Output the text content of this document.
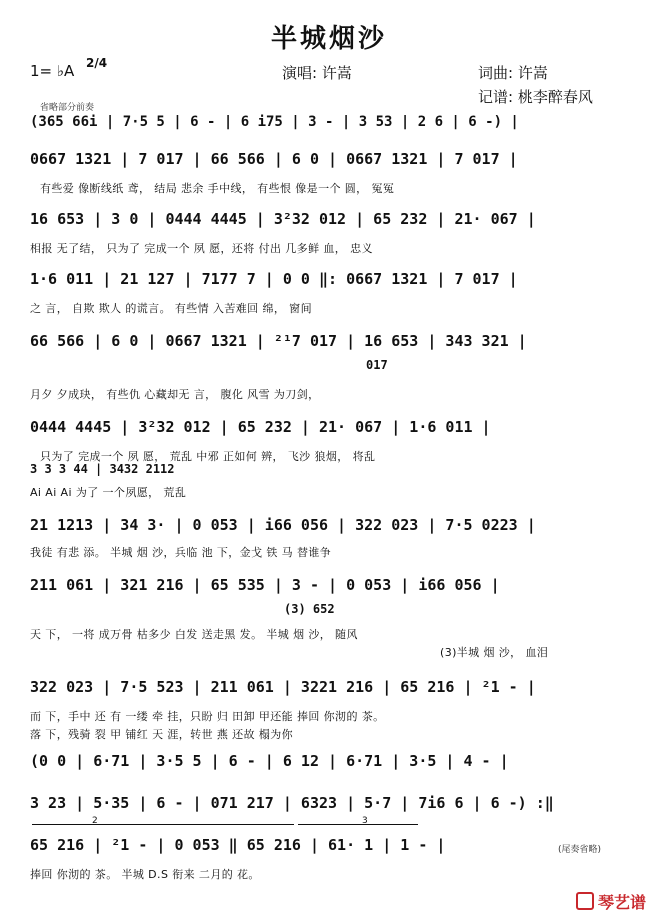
半城烟沙
1= ♭A 2/4
演唱: 许嵩	词曲: 许嵩
记谱: 桃李醉春风
省略部分前奏
(365 66i | 7·5 5 | 6 - | 6 i75 | 3 - | 3 53 | 2 6 | 6 -) |
0667 1321 | 7 017 | 66 566 | 6 0 | 0667 1321 | 7 017 |
有些爱 像断线纸 鸢， 结局 悲余 手中线， 有些恨 像是一个 圆， 冤冤
16 653 | 3 0 | 0444 4445 | 3²32 012 | 65 232 | 21· 067 |
相报 无了结， 只为了 完成一个 夙 愿，还将 付出 几多鲜 血， 忠义
1·6 011 | 21 127 | 7177 7 | 0 0 ‖: 0667 1321 | 7 017 |
之 言， 自欺 欺人 的谎言。 有些情 入苦难回 绵， 窗间
66 566 | 6 0 | 0667 1321 | ²¹7 017 | 16 653 | 343 321 |
017
月夕 夕成玦， 有些仇 心藏却无 言， 腹化 风雪 为刀剑，
0444 4445 | 3²32 012 | 65 232 | 21· 067 | 1·6 011 |
只为了 完成一个 夙 愿， 荒乱 中邪 正如何 辨， 飞沙 狼烟， 将乱
3 3 3 44 | 3432 2112
Ai Ai Ai 为了 一个夙愿， 荒乱
21 1213 | 34 3· | 0 053 | i66 056 | 322 023 | 7·5 0223 |
我徒 有悲 添。 半城 烟 沙，兵临 池 下，金戈 铁 马 替谁争
211 061 | 321 216 | 65 535 | 3 - | 0 053 | i66 056 |
(3) 652
天 下， 一将 成万骨 枯多少 白发 送走黑 发。 半城 烟 沙， 随风
(3)半城 烟 沙， 血泪
322 023 | 7·5 523 | 211 061 | 3221 216 | 65 216 | ²1 - |
而 下，手中 还 有 一缕 牵 挂，只盼 归 田卸 甲还能 捧回 你沏的 茶。
落 下，残骑 裂 甲 铺红 天 涯，转世 燕 还故 榻为你
(0 0 | 6·71 | 3·5 5 | 6 - | 6 12 | 6·71 | 3·5 | 4 - |
3 23 | 5·35 | 6 - | 071 217 | 6323 | 5·7 | 7i6 6 | 6 -) :‖
2	3
65 216 | ²1 - | 0 053 ‖ 65 216 | 61· 1 | 1 - |	(尾奏省略)
捧回 你沏的 茶。 半城 D.S 衔来 二月的 花。
琴艺谱
